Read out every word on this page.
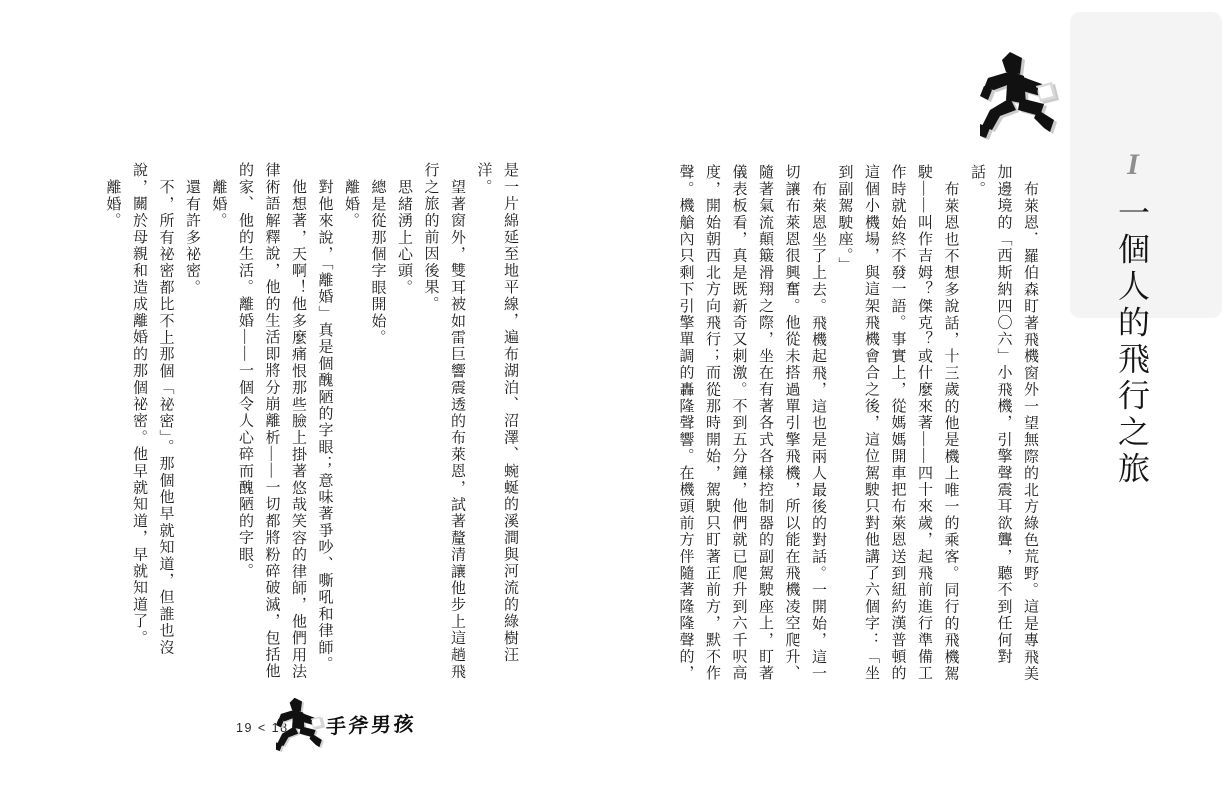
I
一個人的飛行之旅

布萊恩．羅伯森盯著飛機窗外一望無際的北方綠色荒野。這是專飛美加邊境的「西斯納四〇六」小飛機，引擎聲震耳欲聾，聽不到任何對話。

布萊恩也不想多說話，十三歲的他是機上唯一的乘客。同行的飛機駕駛——叫作吉姆？傑克？或什麼來著——四十來歲，起飛前進行準備工作時就始終不發一語。事實上，從媽媽開車把布萊恩送到紐約漢普頓的這個小機場，與這架飛機會合之後，這位駕駛只對他講了六個字：「坐到副駕駛座。」

布萊恩坐了上去。飛機起飛，這也是兩人最後的對話。一開始，這一切讓布萊恩很興奮。他從未搭過單引擎飛機，所以能在飛機凌空爬升、隨著氣流顛簸滑翔之際，坐在有著各式各樣控制器的副駕駛座上，盯著儀表板看，真是既新奇又刺激。不到五分鐘，他們就已爬升到六千呎高度，開始朝西北方向飛行；而從那時開始，駕駛只盯著正前方，默不作聲。機艙內只剩下引擎單調的轟隆聲響。在機頭前方伴隨著隆隆聲的，

是一片綿延至地平線，遍布湖泊、沼澤、蜿蜒的溪澗與河流的綠樹汪洋。

望著窗外，雙耳被如雷巨響震透的布萊恩，試著釐清讓他步上這趟飛行之旅的前因後果。

思緒湧上心頭。

總是從那個字眼開始。

離婚。

對他來說，「離婚」真是個醜陋的字眼；意味著爭吵、嘶吼和律師。

他想著，天啊！他多麼痛恨那些臉上掛著悠哉笑容的律師，他們用法律術語解釋說，他的生活即將分崩離析——一切都將粉碎破滅，包括他的家、他的生活。離婚——一個令人心碎而醜陋的字眼。

離婚。

還有許多祕密。

不，所有祕密都比不上那個「祕密」。那個他早就知道，但誰也沒說，關於母親和造成離婚的那個祕密。他早就知道，早就知道了。

離婚。

19 < 18 手斧男孩
